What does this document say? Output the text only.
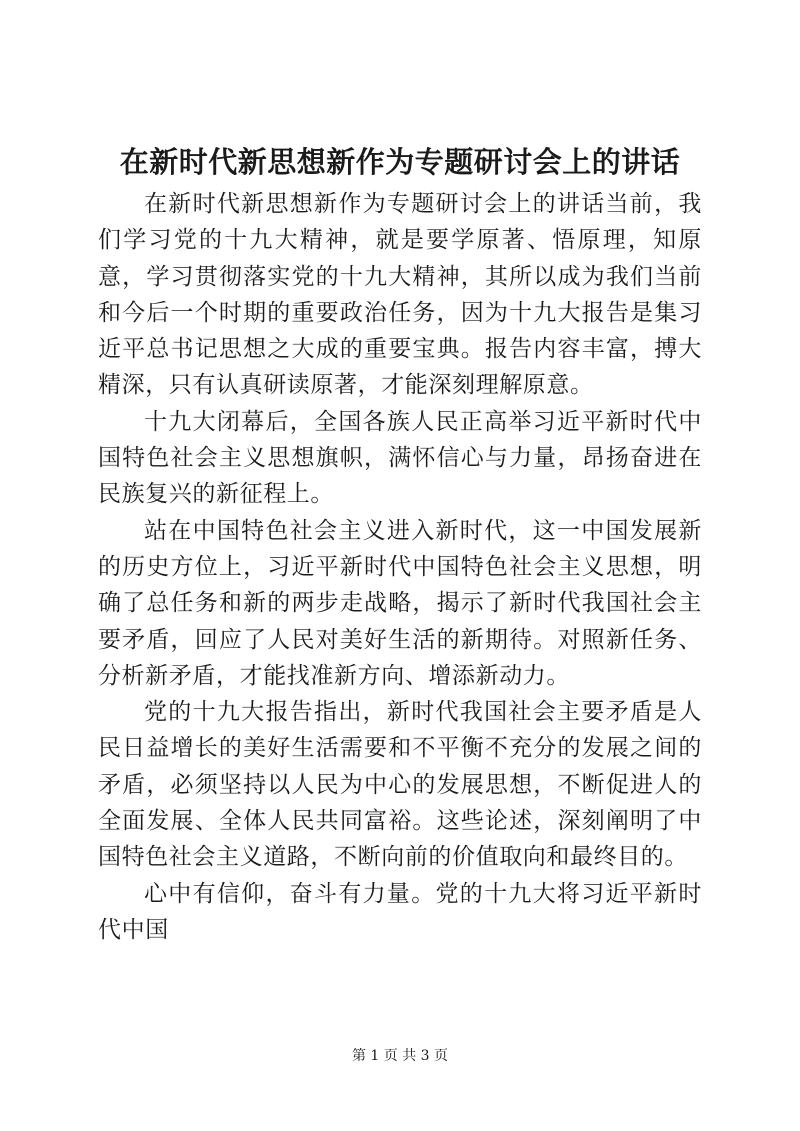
在新时代新思想新作为专题研讨会上的讲话

在新时代新思想新作为专题研讨会上的讲话当前，我们学习党的十九大精神，就是要学原著、悟原理，知原意，学习贯彻落实党的十九大精神，其所以成为我们当前和今后一个时期的重要政治任务，因为十九大报告是集习近平总书记思想之大成的重要宝典。报告内容丰富，搏大精深，只有认真研读原著，才能深刻理解原意。

十九大闭幕后，全国各族人民正高举习近平新时代中国特色社会主义思想旗帜，满怀信心与力量，昂扬奋进在民族复兴的新征程上。

站在中国特色社会主义进入新时代，这一中国发展新的历史方位上，习近平新时代中国特色社会主义思想，明确了总任务和新的两步走战略，揭示了新时代我国社会主要矛盾，回应了人民对美好生活的新期待。对照新任务、分析新矛盾，才能找准新方向、增添新动力。

党的十九大报告指出，新时代我国社会主要矛盾是人民日益增长的美好生活需要和不平衡不充分的发展之间的矛盾，必须坚持以人民为中心的发展思想，不断促进人的全面发展、全体人民共同富裕。这些论述，深刻阐明了中国特色社会主义道路，不断向前的价值取向和最终目的。

心中有信仰，奋斗有力量。党的十九大将习近平新时代中国

第 1 页 共 3 页
